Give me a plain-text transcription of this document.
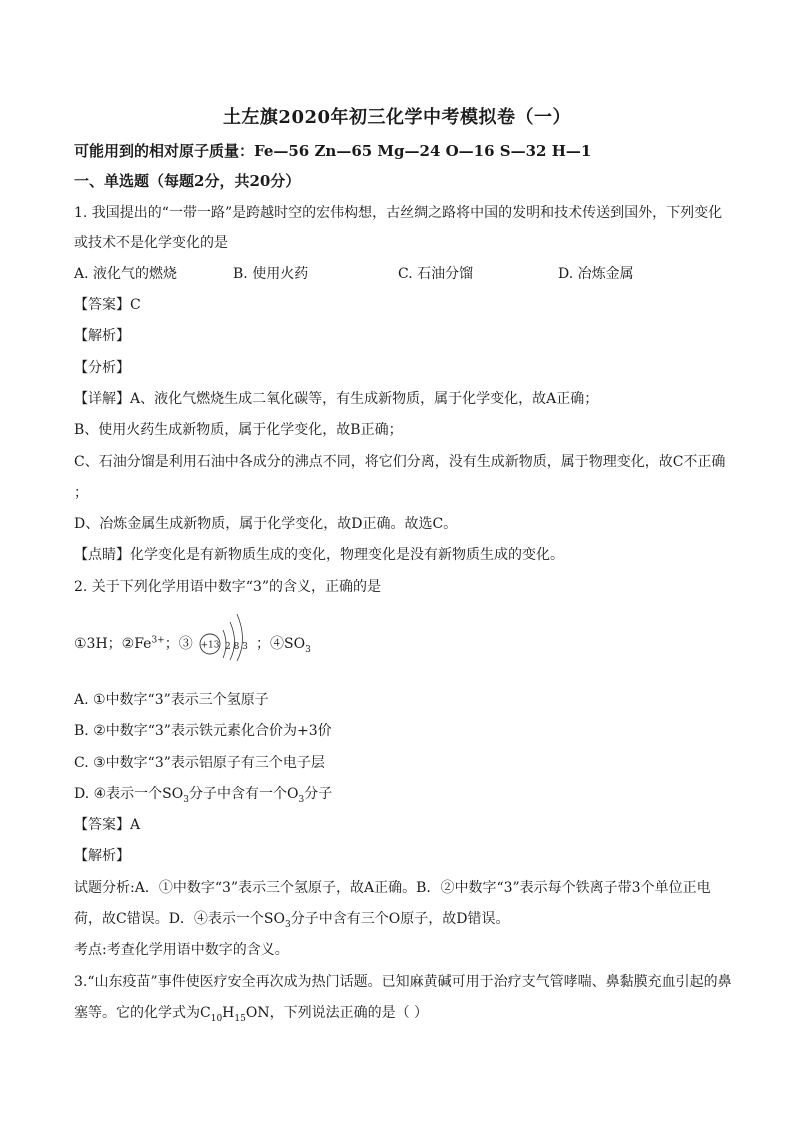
土左旗2020年初三化学中考模拟卷（一）
可能用到的相对原子质量：Fe—56 Zn—65 Mg—24 O—16 S—32 H—1
一、单选题（每题2分，共20分）
1. 我国提出的“一带一路”是跨越时空的宏伟构想，古丝绸之路将中国的发明和技术传送到国外，下列变化
或技术不是化学变化的是
A. 液化气的燃烧	B. 使用火药	C. 石油分馏	D. 冶炼金属
【答案】C
【解析】
【分析】
【详解】A、液化气燃烧生成二氧化碳等，有生成新物质，属于化学变化，故A正确；
B、使用火药生成新物质，属于化学变化，故B正确；
C、石油分馏是利用石油中各成分的沸点不同，将它们分离，没有生成新物质，属于物理变化，故C不正确
；
D、冶炼金属生成新物质，属于化学变化，故D正确。故选C。
【点睛】化学变化是有新物质生成的变化，物理变化是没有新物质生成的变化。
2. 关于下列化学用语中数字“3”的含义，正确的是
①3H；$②Fe^{3+}$；③ +13 2 8 3 ；$④SO_3$
A. ①中数字“3”表示三个氢原子
B. ②中数字“3”表示铁元素化合价为+3价
C. ③中数字“3”表示铝原子有三个电子层
D. ④表示一个$SO_3$分子中含有一个$O_3$分子
【答案】A
【解析】
试题分析:A．①中数字“3”表示三个氢原子，故A正确。B．②中数字“3”表示每个铁离子带3个单位正电
荷，故C错误。D．④表示一个$SO_3$分子中含有三个O原子，故D错误。
考点:考查化学用语中数字的含义。
3.“山东疫苗”事件使医疗安全再次成为热门话题。已知麻黄碱可用于治疗支气管哮喘、鼻黏膜充血引起的鼻
塞等。它的化学式为$C_{10}H_{15}ON$，下列说法正确的是（ ）
